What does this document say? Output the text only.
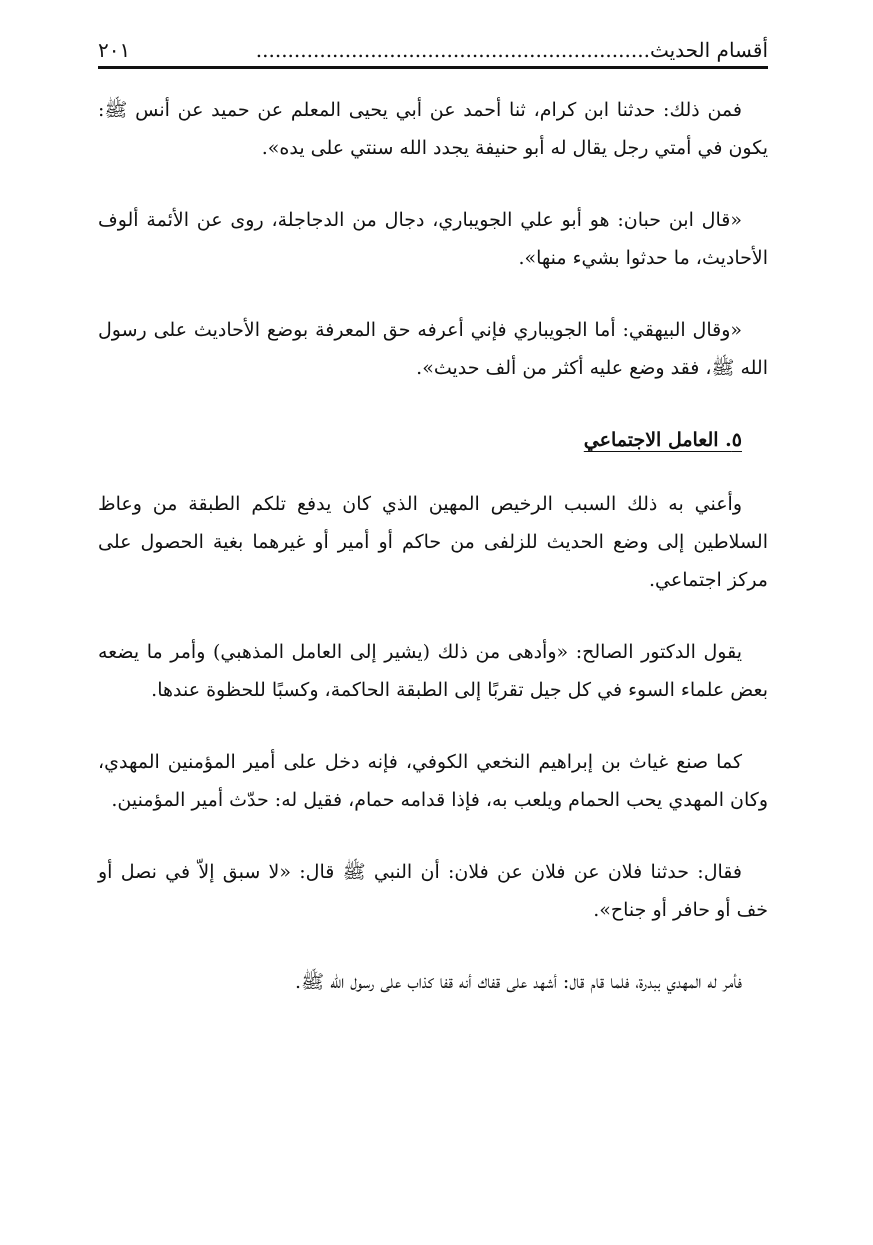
أقسام الحديث..............................................................
٢٠١

فمن ذلك: حدثنا ابن كرام، ثنا أحمد عن أبي يحيى المعلم عن حميد عن أنس ﷺ: يكون في أمتي رجل يقال له أبو حنيفة يجدد الله سنتي على يده».

«قال ابن حبان: هو أبو علي الجويباري، دجال من الدجاجلة، روى عن الأئمة ألوف الأحاديث، ما حدثوا بشيء منها».

«وقال البيهقي: أما الجويباري فإني أعرفه حق المعرفة بوضع الأحاديث على رسول الله ﷺ، فقد وضع عليه أكثر من ألف حديث».

٥. العامل الاجتماعي

وأعني به ذلك السبب الرخيص المهين الذي كان يدفع تلكم الطبقة من وعاظ السلاطين إلى وضع الحديث للزلفى من حاكم أو أمير أو غيرهما بغية الحصول على مركز اجتماعي.

يقول الدكتور الصالح: «وأدهى من ذلك (يشير إلى العامل المذهبي) وأمر ما يضعه بعض علماء السوء في كل جيل تقربًا إلى الطبقة الحاكمة، وكسبًا للحظوة عندها.

كما صنع غياث بن إبراهيم النخعي الكوفي، فإنه دخل على أمير المؤمنين المهدي، وكان المهدي يحب الحمام ويلعب به، فإذا قدامه حمام، فقيل له: حدّث أمير المؤمنين.

فقال: حدثنا فلان عن فلان عن فلان: أن النبي ﷺ قال: «لا سبق إلاّ في نصل أو خف أو حافر أو جناح».

فأمر له المهدي ببدرة، فلما قام قال: أشهد على قفاك أنه قفا كذاب على رسول الله ﷺ.
